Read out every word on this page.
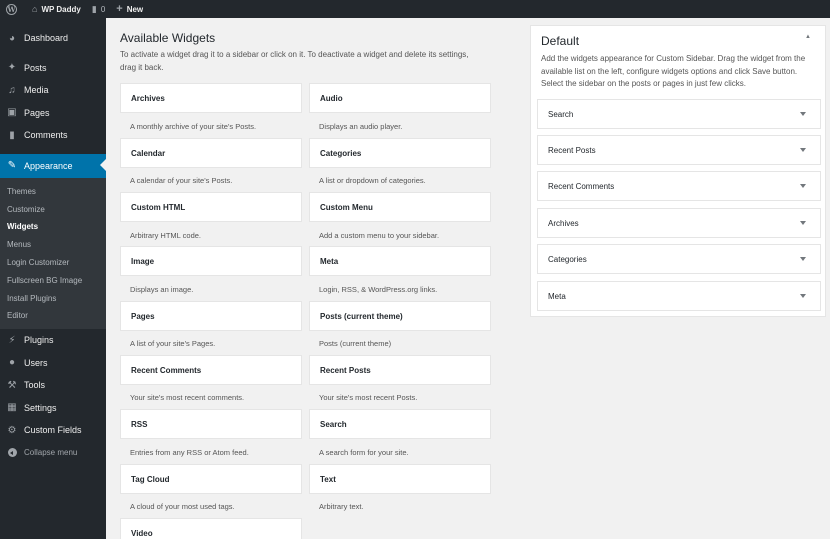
W ⌂ WP Daddy ▮ 0 + New
◕ Dashboard
✦ Posts
♫ Media
▣ Pages
▮	Comments
✎ Appearance
Themes
Customize
Widgets
Menus
Login Customizer
Fullscreen BG Image
Install Plugins
Editor
⚡ Plugins
● Users
⚒ Tools
▦ Settings
⚙ Custom Fields
Collapse menu
Available Widgets
To activate a widget drag it to a sidebar or click on it. To deactivate a widget and delete its settings, drag it back.
Archives
A monthly archive of your site's Posts.
Calendar
A calendar of your site's Posts.
Custom HTML
Arbitrary HTML code.
Image
Displays an image.
Pages
A list of your site's Pages.
Recent Comments
Your site's most recent comments.
RSS
Entries from any RSS or Atom feed.
Tag Cloud
A cloud of your most used tags.
Video
Audio
Displays an audio player.
Categories
A list or dropdown of categories.
Custom Menu
Add a custom menu to your sidebar.
Meta
Login, RSS, & WordPress.org links.
Posts (current theme)
Posts (current theme)
Recent Posts
Your site's most recent Posts.
Search
A search form for your site.
Text
Arbitrary text.
Default	▲
Add the widgets appearance for Custom Sidebar. Drag the widget from the available list on the left, configure widgets options and click Save button. Select the sidebar on the posts or pages in just few clicks.
Search
Recent Posts
Recent Comments
Archives
Categories
Meta
